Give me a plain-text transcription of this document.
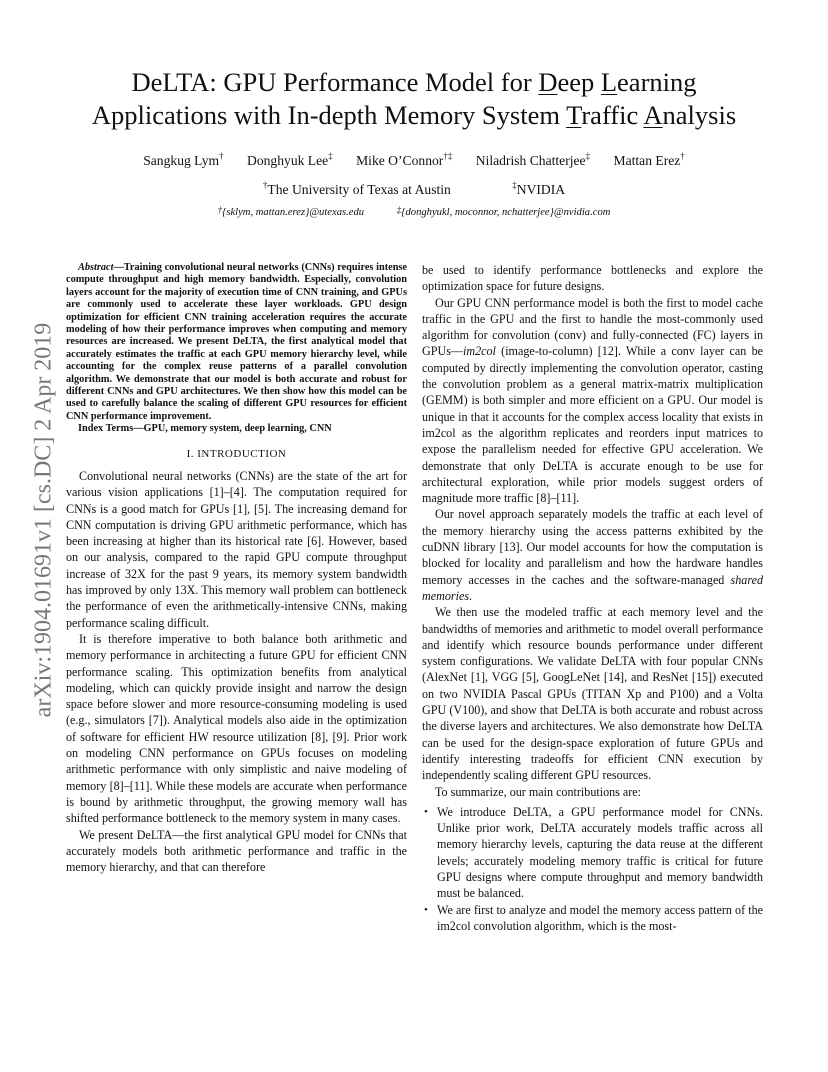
DeLTA: GPU Performance Model for Deep Learning
Applications with In-depth Memory System Traffic Analysis
Sangkug Lym† Donghyuk Lee‡ Mike O’Connor†‡ Niladrish Chatterjee‡ Mattan Erez†
†The University of Texas at Austin	‡NVIDIA
†{sklym, mattan.erez}@utexas.edu	‡{donghyukl, moconnor, nchatterjee}@nvidia.com
arXiv:1904.01691v1 [cs.DC] 2 Apr 2019

Abstract—Training convolutional neural networks (CNNs) requires intense compute throughput and high memory bandwidth. Especially, convolution layers account for the majority of execution time of CNN training, and GPUs are commonly used to accelerate these layer workloads. GPU design optimization for efficient CNN training acceleration requires the accurate modeling of how their performance improves when computing and memory resources are increased. We present DeLTA, the first analytical model that accurately estimates the traffic at each GPU memory hierarchy level, while accounting for the complex reuse patterns of a parallel convolution algorithm. We demonstrate that our model is both accurate and robust for different CNNs and GPU architectures. We then show how this model can be used to carefully balance the scaling of different GPU resources for efficient CNN performance improvement.

Index Terms—GPU, memory system, deep learning, CNN

I. INTRODUCTION

Convolutional neural networks (CNNs) are the state of the art for various vision applications [1]–[4]. The computation required for CNNs is a good match for GPUs [1], [5]. The increasing demand for CNN computation is driving GPU arithmetic performance, which has been increasing at higher than its historical rate [6]. However, based on our analysis, compared to the rapid GPU compute throughput increase of 32X for the past 9 years, its memory system bandwidth has improved by only 13X. This memory wall problem can bottleneck the performance of even the arithmetically-intensive CNNs, making performance scaling difficult.

It is therefore imperative to both balance both arithmetic and memory performance in architecting a future GPU for efficient CNN performance scaling. This optimization benefits from analytical modeling, which can quickly provide insight and narrow the design space before slower and more resource-consuming modeling is used (e.g., simulators [7]). Analytical models also aide in the optimization of software for efficient HW resource utilization [8], [9]. Prior work on modeling CNN performance on GPUs focuses on modeling arithmetic performance with only simplistic and naive modeling of memory [8]–[11]. While these models are accurate when performance is bound by arithmetic throughput, the growing memory wall has shifted performance bottleneck to the memory system in many cases.

We present DeLTA—the first analytical GPU model for CNNs that accurately models both arithmetic performance and traffic in the memory hierarchy, and that can therefore

be used to identify performance bottlenecks and explore the optimization space for future designs.

Our GPU CNN performance model is both the first to model cache traffic in the GPU and the first to handle the most-commonly used algorithm for convolution (conv) and fully-connected (FC) layers in GPUs—im2col (image-to-column) [12]. While a conv layer can be computed by directly implementing the convolution operator, casting the convolution problem as a general matrix-matrix multiplication (GEMM) is both simpler and more efficient on a GPU. Our model is unique in that it accounts for the complex access locality that exists in im2col as the algorithm replicates and reorders input matrices to expose the parallelism needed for effective GPU acceleration. We demonstrate that only DeLTA is accurate enough to be use for architectural exploration, while prior models suggest orders of magnitude more traffic [8]–[11].

Our novel approach separately models the traffic at each level of the memory hierarchy using the access patterns exhibited by the cuDNN library [13]. Our model accounts for how the computation is blocked for locality and parallelism and how the hardware handles memory accesses in the caches and the software-managed shared memories.

We then use the modeled traffic at each memory level and the bandwidths of memories and arithmetic to model overall performance and identify which resource bounds performance under different system configurations. We validate DeLTA with four popular CNNs (AlexNet [1], VGG [5], GoogLeNet [14], and ResNet [15]) executed on two NVIDIA Pascal GPUs (TITAN Xp and P100) and a Volta GPU (V100), and show that DeLTA is both accurate and robust across the diverse layers and architectures. We also demonstrate how DeLTA can be used for the design-space exploration of future GPUs and identify interesting tradeoffs for efficient CNN execution by independently scaling different GPU resources.

To summarize, our main contributions are:

• We introduce DeLTA, a GPU performance model for CNNs. Unlike prior work, DeLTA accurately models traffic across all memory hierarchy levels, capturing the data reuse at the different levels; accurately modeling memory traffic is critical for future GPU designs where compute throughput and memory bandwidth must be balanced.
• We are first to analyze and model the memory access pattern of the im2col convolution algorithm, which is the most-
